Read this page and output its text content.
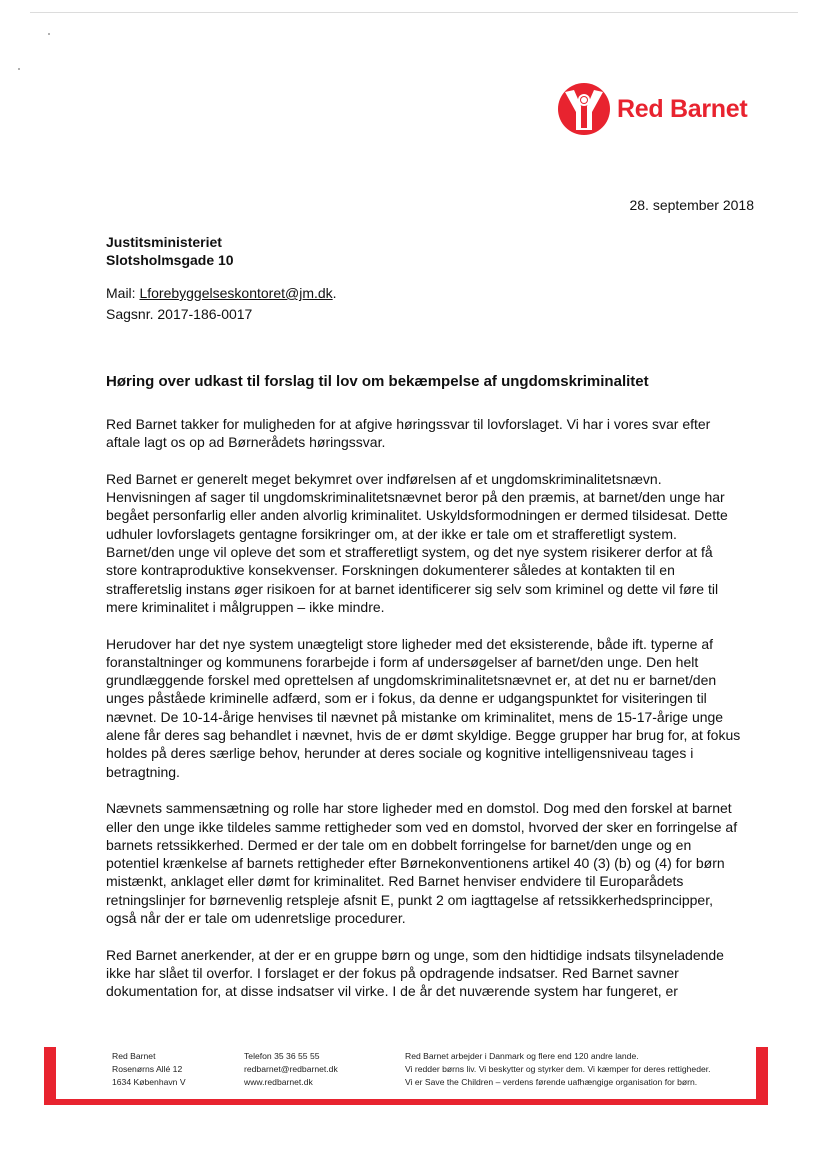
Red Barnet
28. september 2018
Justitsministeriet
Slotsholmsgade 10
Mail: Lforebyggelseskontoret@jm.dk.
Sagsnr. 2017-186-0017
Høring over udkast til forslag til lov om bekæmpelse af ungdomskriminalitet

Red Barnet takker for muligheden for at afgive høringssvar til lovforslaget. Vi har i vores svar efter aftale lagt os op ad Børnerådets høringssvar.

Red Barnet er generelt meget bekymret over indførelsen af et ungdomskriminalitetsnævn. Henvisningen af sager til ungdomskriminalitetsnævnet beror på den præmis, at barnet/den unge har begået personfarlig eller anden alvorlig kriminalitet. Uskyldsformodningen er dermed tilsidesat. Dette udhuler lovforslagets gentagne forsikringer om, at der ikke er tale om et strafferetligt system. Barnet/den unge vil opleve det som et strafferetligt system, og det nye system risikerer derfor at få store kontraproduktive konsekvenser. Forskningen dokumenterer således at kontakten til en strafferetslig instans øger risikoen for at barnet identificerer sig selv som kriminel og dette vil føre til mere kriminalitet i målgruppen – ikke mindre.

Herudover har det nye system unægteligt store ligheder med det eksisterende, både ift. typerne af foranstaltninger og kommunens forarbejde i form af undersøgelser af barnet/den unge. Den helt grundlæggende forskel med oprettelsen af ungdomskriminalitetsnævnet er, at det nu er barnet/den unges påståede kriminelle adfærd, som er i fokus, da denne er udgangspunktet for visiteringen til nævnet. De 10-14-årige henvises til nævnet på mistanke om kriminalitet, mens de 15-17-årige unge alene får deres sag behandlet i nævnet, hvis de er dømt skyldige. Begge grupper har brug for, at fokus holdes på deres særlige behov, herunder at deres sociale og kognitive intelligensniveau tages i betragtning.

Nævnets sammensætning og rolle har store ligheder med en domstol. Dog med den forskel at barnet eller den unge ikke tildeles samme rettigheder som ved en domstol, hvorved der sker en forringelse af barnets retssikkerhed. Dermed er der tale om en dobbelt forringelse for barnet/den unge og en potentiel krænkelse af barnets rettigheder efter Børnekonventionens artikel 40 (3) (b) og (4) for børn mistænkt, anklaget eller dømt for kriminalitet. Red Barnet henviser endvidere til Europarådets retningslinjer for børnevenlig retspleje afsnit E, punkt 2 om iagttagelse af retssikkerhedsprincipper, også når der er tale om udenretslige procedurer.

Red Barnet anerkender, at der er en gruppe børn og unge, som den hidtidige indsats tilsyneladende ikke har slået til overfor. I forslaget er der fokus på opdragende indsatser. Red Barnet savner dokumentation for, at disse indsatser vil virke. I de år det nuværende system har fungeret, er

Red Barnet
Rosenørns Allé 12
1634 København V
Telefon 35 36 55 55
redbarnet@redbarnet.dk
www.redbarnet.dk
Red Barnet arbejder i Danmark og flere end 120 andre lande.
Vi redder børns liv. Vi beskytter og styrker dem. Vi kæmper for deres rettigheder.
Vi er Save the Children – verdens førende uafhængige organisation for børn.
